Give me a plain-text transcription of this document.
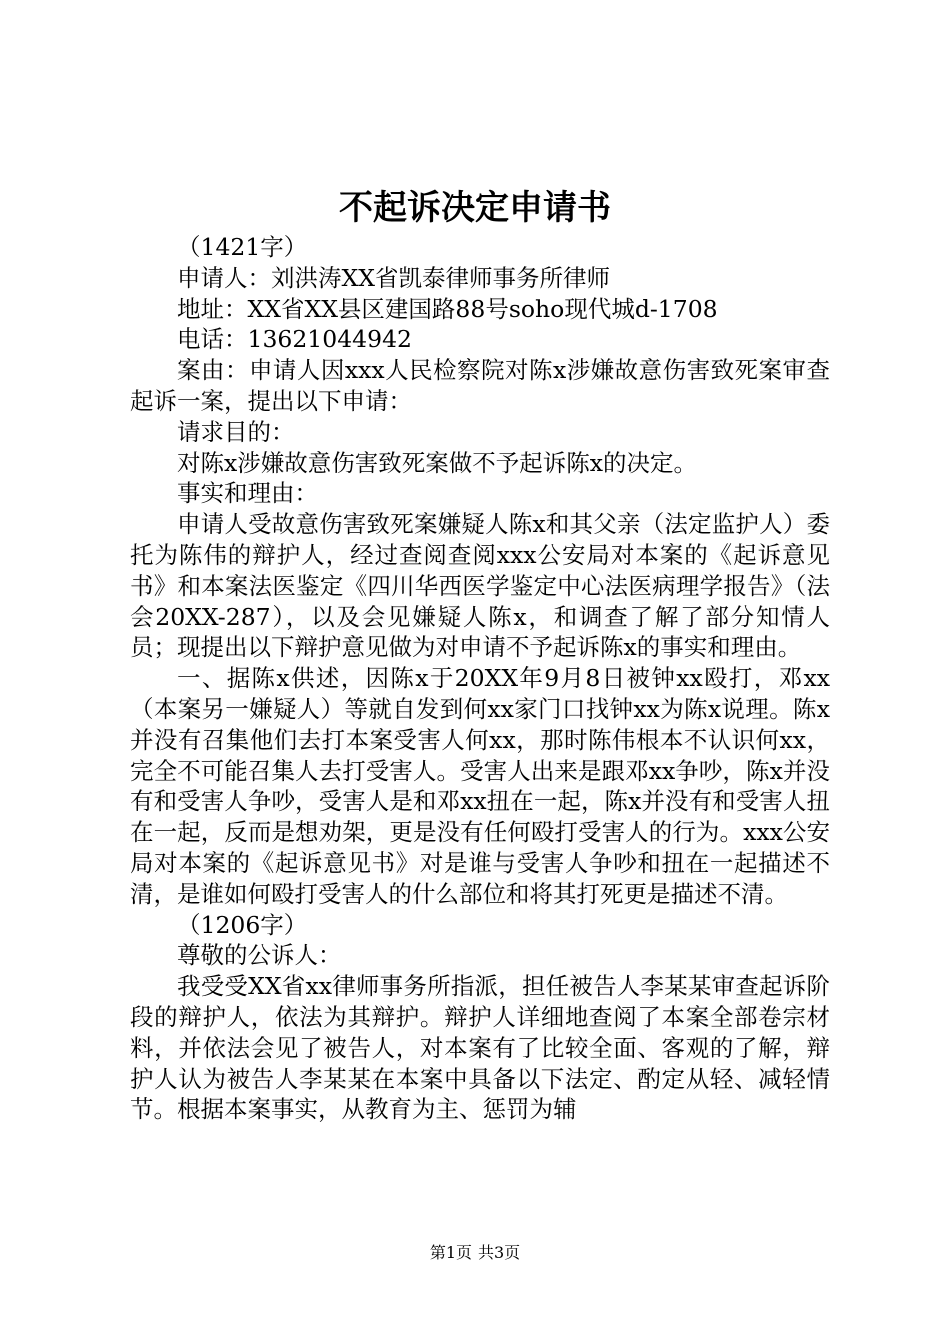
不起诉决定申请书

（1421字）

申请人：刘洪涛XX省凯泰律师事务所律师

地址：XX省XX县区建国路88号soho现代城d-1708

电话：13621044942

案由：申请人因xxx人民检察院对陈x涉嫌故意伤害致死案审查起诉一案，提出以下申请：

请求目的：

对陈x涉嫌故意伤害致死案做不予起诉陈x的决定。

事实和理由：

申请人受故意伤害致死案嫌疑人陈x和其父亲（法定监护人）委托为陈伟的辩护人，经过查阅查阅xxx公安局对本案的《起诉意见书》和本案法医鉴定《四川华西医学鉴定中心法医病理学报告》（法会20XX-287），以及会见嫌疑人陈x，和调查了解了部分知情人员；现提出以下辩护意见做为对申请不予起诉陈x的事实和理由。

一、据陈x供述，因陈x于20XX年9月8日被钟xx殴打，邓xx（本案另一嫌疑人）等就自发到何xx家门口找钟xx为陈x说理。陈x并没有召集他们去打本案受害人何xx，那时陈伟根本不认识何xx，完全不可能召集人去打受害人。受害人出来是跟邓xx争吵，陈x并没有和受害人争吵，受害人是和邓xx扭在一起，陈x并没有和受害人扭在一起，反而是想劝架，更是没有任何殴打受害人的行为。xxx公安局对本案的《起诉意见书》对是谁与受害人争吵和扭在一起描述不清，是谁如何殴打受害人的什么部位和将其打死更是描述不清。

（1206字）

尊敬的公诉人：

我受受XX省xx律师事务所指派，担任被告人李某某审查起诉阶段的辩护人，依法为其辩护。辩护人详细地查阅了本案全部卷宗材料，并依法会见了被告人，对本案有了比较全面、客观的了解，辩护人认为被告人李某某在本案中具备以下法定、酌定从轻、减轻情节。根据本案事实，从教育为主、惩罚为辅

第1页 共3页
